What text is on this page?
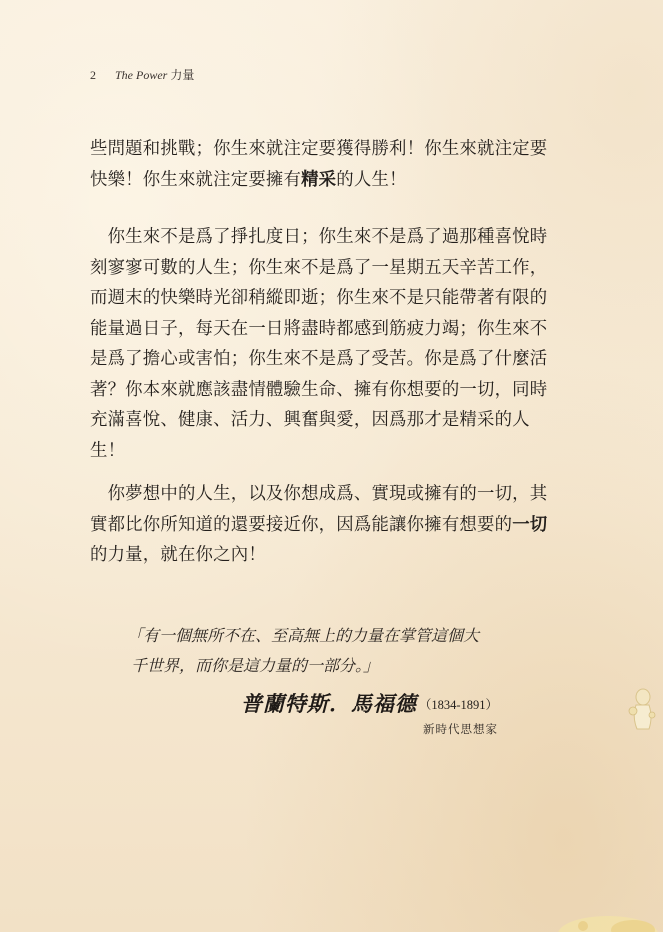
2 The Power 力量
些問題和挑戰；你生來就注定要獲得勝利！你生來就注定要
快樂！你生來就注定要擁有精采的人生！
　你生來不是爲了掙扎度日；你生來不是爲了過那種喜悅時
刻寥寥可數的人生；你生來不是爲了一星期五天辛苦工作，
而週末的快樂時光卻稍縱即逝；你生來不是只能帶著有限的
能量過日子，每天在一日將盡時都感到筋疲力竭；你生來不
是爲了擔心或害怕；你生來不是爲了受苦。你是爲了什麼活
著？你本來就應該盡情體驗生命、擁有你想要的一切，同時
充滿喜悅、健康、活力、興奮與愛，因爲那才是精采的人
生！
　你夢想中的人生，以及你想成爲、實現或擁有的一切，其
實都比你所知道的還要接近你，因爲能讓你擁有想要的一切
的力量，就在你之內！
「有一個無所不在、至高無上的力量在掌管這個大
千世界，而你是這力量的一部分。」
普蘭特斯．馬福德 （1834-1891）
新時代思想家
